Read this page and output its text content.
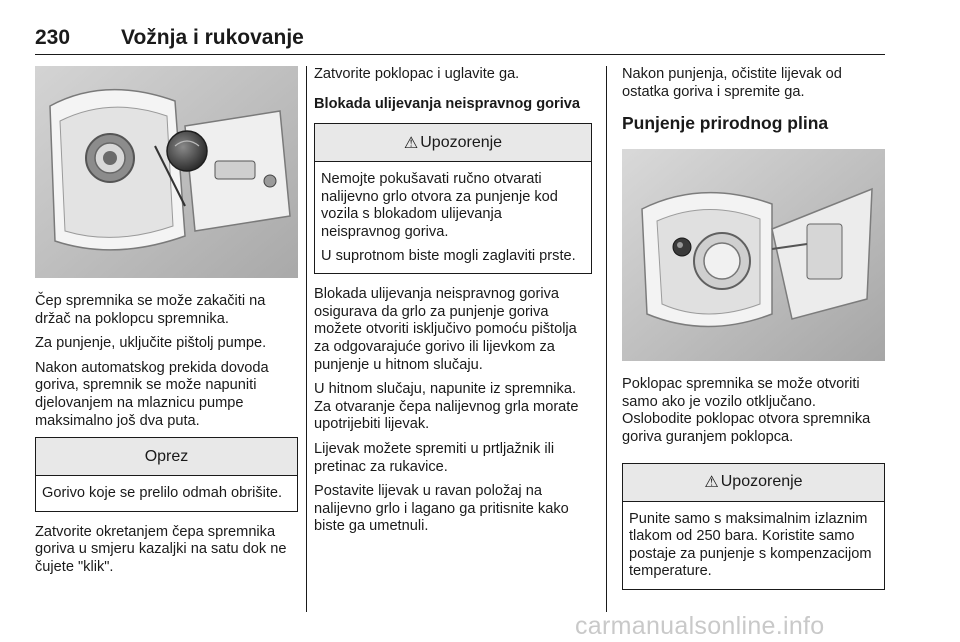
230 Vožnja i rukovanje

Čep spremnika se može zakačiti na držač na poklopcu spremnika.

Za punjenje, uključite pištolj pumpe.

Nakon automatskog prekida dovoda goriva, spremnik se može napuniti djelovanjem na mlaznicu pumpe maksimalno još dva puta.

Oprez

Gorivo koje se prelilo odmah obrišite.

Zatvorite okretanjem čepa spremnika goriva u smjeru kazaljki na satu dok ne čujete "klik".

Zatvorite poklopac i uglavite ga.

Blokada ulijevanja neispravnog goriva
⚠ Upozorenje

Nemojte pokušavati ručno otvarati nalijevno grlo otvora za punjenje kod vozila s blokadom ulijevanja neispravnog goriva.

U suprotnom biste mogli zaglaviti prste.

Blokada ulijevanja neispravnog goriva osigurava da grlo za punjenje goriva možete otvoriti isključivo pomoću pištolja za odgovarajuće gorivo ili lijevkom za punjenje u hitnom slučaju.

U hitnom slučaju, napunite iz spremnika. Za otvaranje čepa nalijevnog grla morate upotrijebiti lijevak.

Lijevak možete spremiti u prtljažnik ili pretinac za rukavice.

Postavite lijevak u ravan položaj na nalijevno grlo i lagano ga pritisnite kako biste ga umetnuli.

Nakon punjenja, očistite lijevak od ostatka goriva i spremite ga.

Punjenje prirodnog plina

Poklopac spremnika se može otvoriti samo ako je vozilo otključano. Oslobodite poklopac otvora spremnika goriva guranjem poklopca.

⚠ Upozorenje

Punite samo s maksimalnim izlaznim tlakom od 250 bara. Koristite samo postaje za punjenje s kompenzacijom temperature.

carmanualsonline.info
